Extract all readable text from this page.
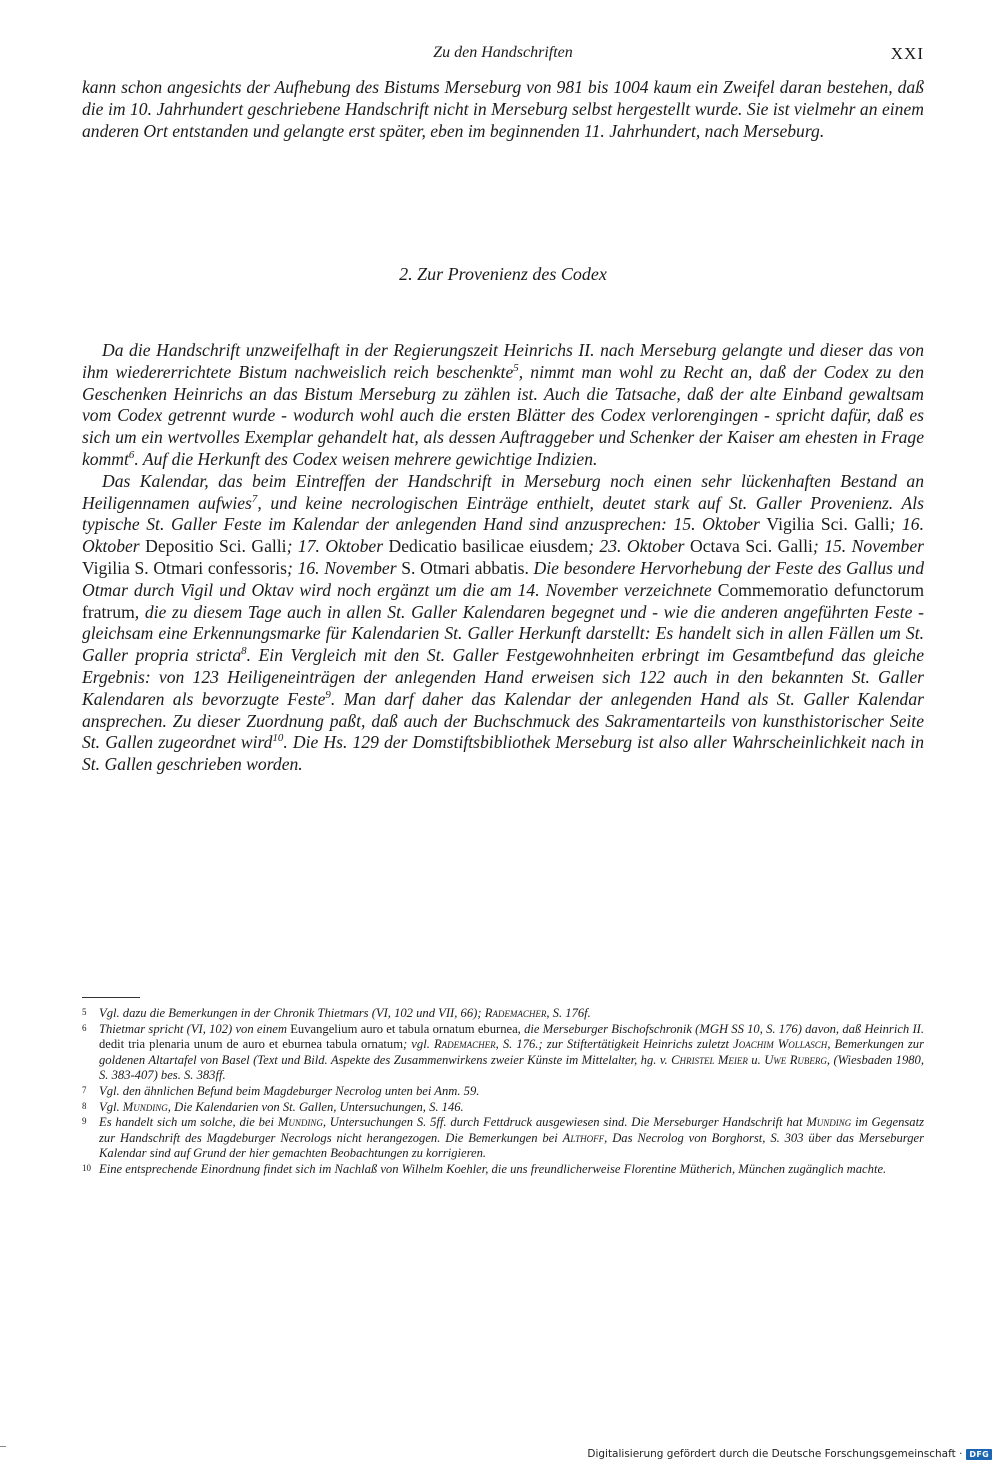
Zu den Handschriften	XXI

kann schon angesichts der Aufhebung des Bistums Merseburg von 981 bis 1004 kaum ein Zweifel daran bestehen, daß die im 10. Jahrhundert geschriebene Handschrift nicht in Merseburg selbst hergestellt wurde. Sie ist vielmehr an einem anderen Ort entstanden und gelangte erst später, eben im beginnenden 11. Jahrhundert, nach Merseburg.

2. Zur Provenienz des Codex

Da die Handschrift unzweifelhaft in der Regierungszeit Heinrichs II. nach Merseburg gelangte und dieser das von ihm wiedererrichtete Bistum nachweislich reich beschenkte$^5$, nimmt man wohl zu Recht an, daß der Codex zu den Geschenken Heinrichs an das Bistum Merseburg zu zählen ist. Auch die Tatsache, daß der alte Einband gewaltsam vom Codex getrennt wurde - wodurch wohl auch die ersten Blätter des Codex verlorengingen - spricht dafür, daß es sich um ein wertvolles Exemplar gehandelt hat, als dessen Auftraggeber und Schenker der Kaiser am ehesten in Frage kommt$^6$. Auf die Herkunft des Codex weisen mehrere gewichtige Indizien.

Das Kalendar, das beim Eintreffen der Handschrift in Merseburg noch einen sehr lückenhaften Bestand an Heiligennamen aufwies$^7$, und keine necrologischen Einträge enthielt, deutet stark auf St. Galler Provenienz. Als typische St. Galler Feste im Kalendar der anlegenden Hand sind anzusprechen: 15. Oktober Vigilia Sci. Galli; 16. Oktober Depositio Sci. Galli; 17. Oktober Dedicatio basilicae eiusdem; 23. Oktober Octava Sci. Galli; 15. November Vigilia S. Otmari confessoris; 16. November S. Otmari abbatis. Die besondere Hervorhebung der Feste des Gallus und Otmar durch Vigil und Oktav wird noch ergänzt um die am 14. November verzeichnete Commemoratio defunctorum fratrum, die zu diesem Tage auch in allen St. Galler Kalendaren begegnet und - wie die anderen angeführten Feste - gleichsam eine Erkennungsmarke für Kalendarien St. Galler Herkunft darstellt: Es handelt sich in allen Fällen um St. Galler propria stricta$^8$. Ein Vergleich mit den St. Galler Festgewohnheiten erbringt im Gesamtbefund das gleiche Ergebnis: von 123 Heiligeneinträgen der anlegenden Hand erweisen sich 122 auch in den bekannten St. Galler Kalendaren als bevorzugte Feste$^9$. Man darf daher das Kalendar der anlegenden Hand als St. Galler Kalendar ansprechen. Zu dieser Zuordnung paßt, daß auch der Buchschmuck des Sakramentarteils von kunsthistorischer Seite St. Gallen zugeordnet wird$^{10}$. Die Hs. 129 der Domstiftsbibliothek Merseburg ist also aller Wahrscheinlichkeit nach in St. Gallen geschrieben worden.

5 Vgl. dazu die Bemerkungen in der Chronik Thietmars (VI, 102 und VII, 66); Rademacher, S. 176f.

6 Thietmar spricht (VI, 102) von einem Euvangelium auro et tabula ornatum eburnea, die Merseburger Bischofschronik (MGH SS 10, S. 176) davon, daß Heinrich II. dedit tria plenaria unum de auro et eburnea tabula ornatum; vgl. Rademacher, S. 176.; zur Stiftertätigkeit Heinrichs zuletzt Joachim Wollasch, Bemerkungen zur goldenen Altartafel von Basel (Text und Bild. Aspekte des Zusammenwirkens zweier Künste im Mittelalter, hg. v. Christel Meier u. Uwe Ruberg, (Wiesbaden 1980, S. 383-407) bes. S. 383ff.

7 Vgl. den ähnlichen Befund beim Magdeburger Necrolog unten bei Anm. 59.

8 Vgl. Munding, Die Kalendarien von St. Gallen, Untersuchungen, S. 146.

9 Es handelt sich um solche, die bei Munding, Untersuchungen S. 5ff. durch Fettdruck ausgewiesen sind. Die Merseburger Handschrift hat Munding im Gegensatz zur Handschrift des Magdeburger Necrologs nicht herangezogen. Die Bemerkungen bei Althoff, Das Necrolog von Borghorst, S. 303 über das Merseburger Kalendar sind auf Grund der hier gemachten Beobachtungen zu korrigieren.

10 Eine entsprechende Einordnung findet sich im Nachlaß von Wilhelm Koehler, die uns freundlicherweise Florentine Mütherich, München zugänglich machte.

Digitalisierung gefördert durch die Deutsche Forschungsgemeinschaft · DFG
